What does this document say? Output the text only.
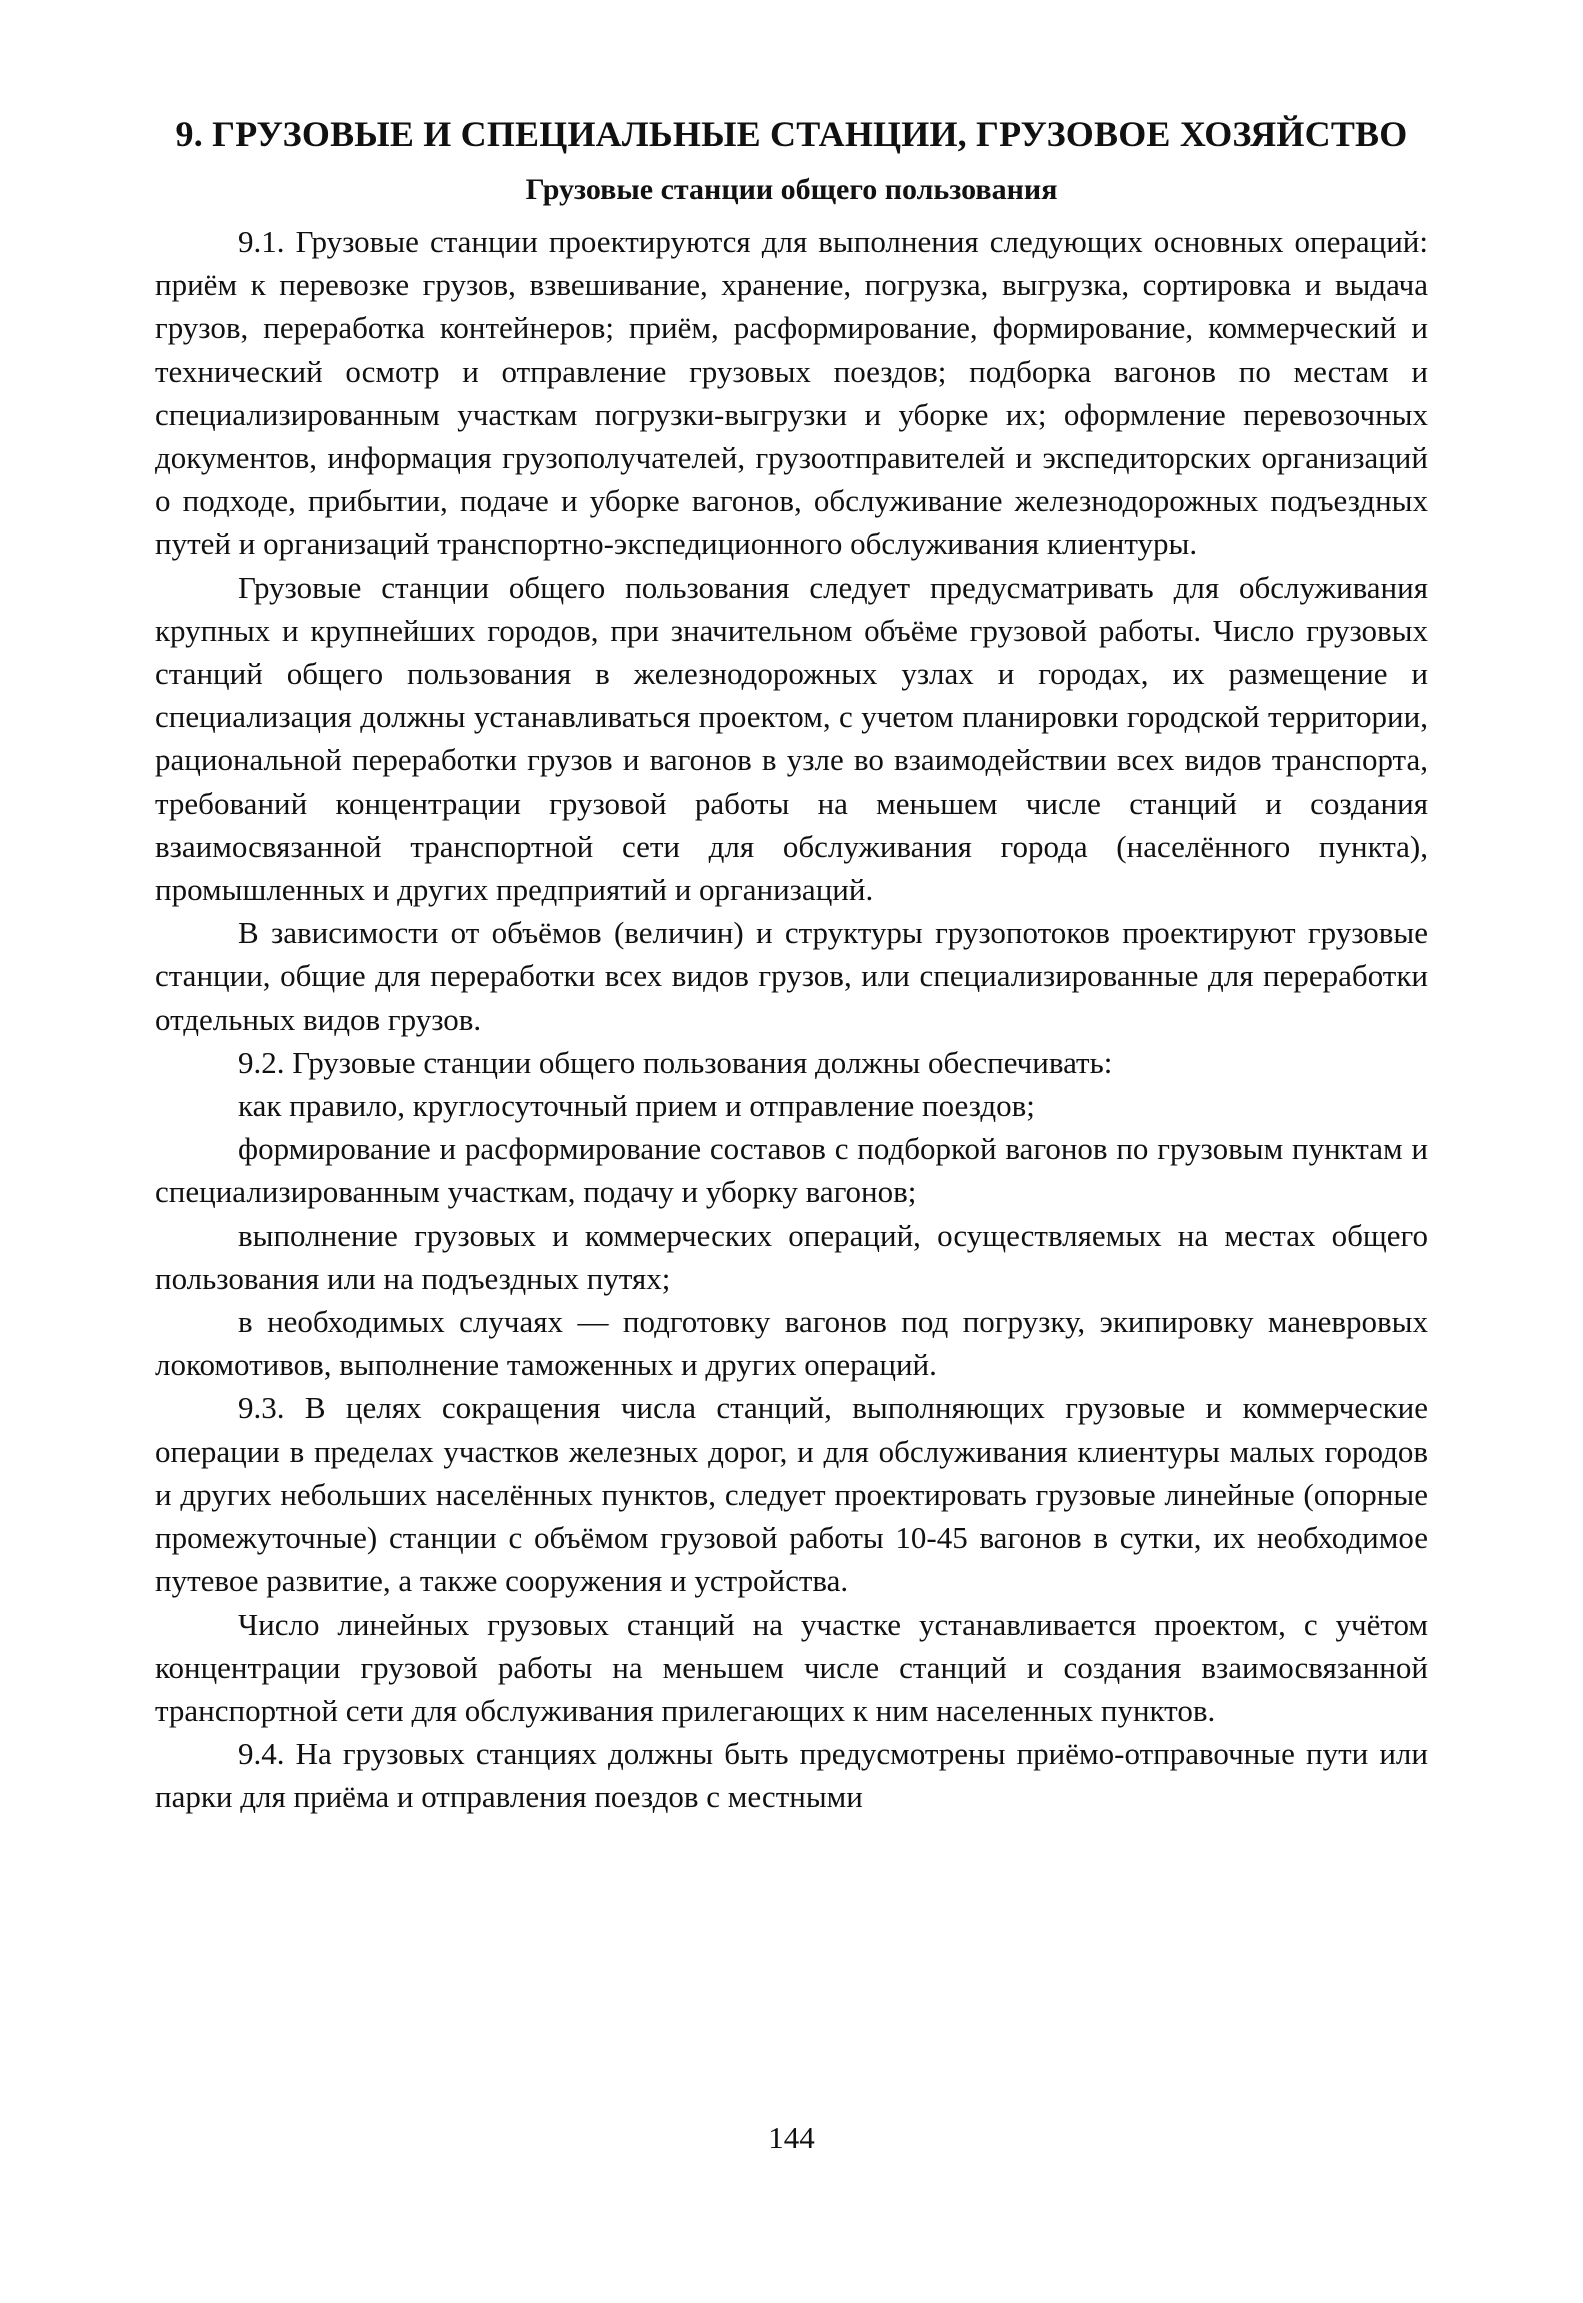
9. ГРУЗОВЫЕ И СПЕЦИАЛЬНЫЕ СТАНЦИИ, ГРУЗОВОЕ ХОЗЯЙСТВО
Грузовые станции общего пользования

9.1. Грузовые станции проектируются для выполнения следующих основных операций: приём к перевозке грузов, взвешивание, хранение, погрузка, выгрузка, сортировка и выдача грузов, переработка контейнеров; приём, расформирование, формирование, коммерческий и технический осмотр и отправление грузовых поездов; подборка вагонов по местам и специализированным участкам погрузки-выгрузки и уборке их; оформление перевозочных документов, информация грузополучателей, грузоотправителей и экспедиторских организаций о подходе, прибытии, подаче и уборке вагонов, обслуживание железнодорожных подъездных путей и организаций транспортно-экспедиционного обслуживания клиентуры.

Грузовые станции общего пользования следует предусматривать для обслуживания крупных и крупнейших городов, при значительном объёме грузовой работы. Число грузовых станций общего пользования в железнодорожных узлах и городах, их размещение и специализация должны устанавливаться проектом, с учетом планировки городской территории, рациональной переработки грузов и вагонов в узле во взаимодействии всех видов транспорта, требований концентрации грузовой работы на меньшем числе станций и создания взаимосвязанной транспортной сети для обслуживания города (населённого пункта), промышленных и других предприятий и организаций.

В зависимости от объёмов (величин) и структуры грузопотоков проектируют грузовые станции, общие для переработки всех видов грузов, или специализированные для переработки отдельных видов грузов.

9.2. Грузовые станции общего пользования должны обеспечивать:

как правило, круглосуточный прием и отправление поездов;

формирование и расформирование составов с подборкой вагонов по грузовым пунктам и специализированным участкам, подачу и уборку вагонов;

выполнение грузовых и коммерческих операций, осуществляемых на местах общего пользования или на подъездных путях;

в необходимых случаях — подготовку вагонов под погрузку, экипировку маневровых локомотивов, выполнение таможенных и других операций.

9.3. В целях сокращения числа станций, выполняющих грузовые и коммерческие операции в пределах участков железных дорог, и для обслуживания клиентуры малых городов и других небольших населённых пунктов, следует проектировать грузовые линейные (опорные промежуточные) станции с объёмом грузовой работы 10-45 вагонов в сутки, их необходимое путевое развитие, а также сооружения и устройства.

Число линейных грузовых станций на участке устанавливается проектом, с учётом концентрации грузовой работы на меньшем числе станций и создания взаимосвязанной транспортной сети для обслуживания прилегающих к ним населенных пунктов.

9.4. На грузовых станциях должны быть предусмотрены приёмо-отправочные пути или парки для приёма и отправления поездов с местными

144
